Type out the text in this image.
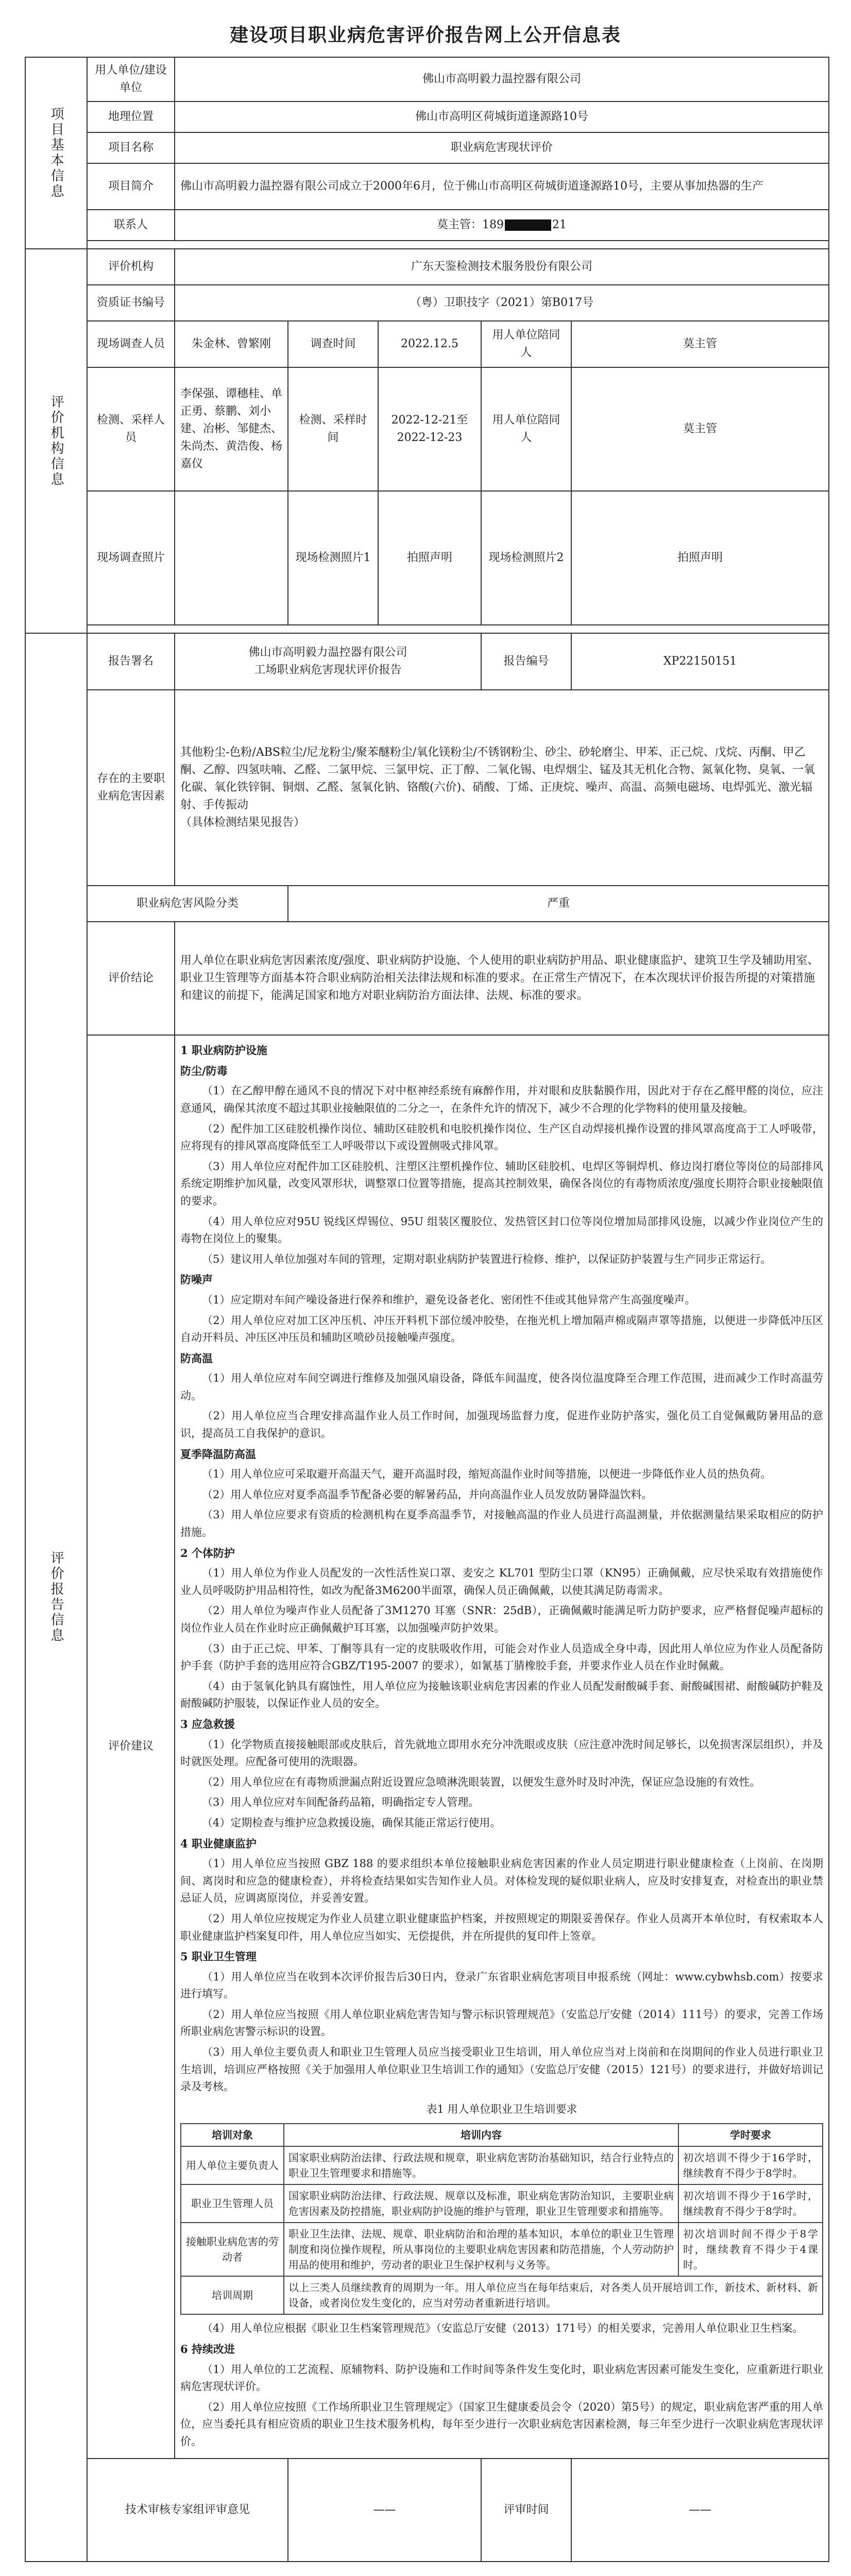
建设项目职业病危害评价报告网上公开信息表
项目基本信息
	用人单位/建设单位	佛山市高明毅力温控器有限公司
地理位置	佛山市高明区荷城街道逢源路10号
项目名称	职业病危害现状评价
项目简介	佛山市高明毅力温控器有限公司成立于2000年6月，位于佛山市高明区荷城街道逢源路10号，主要从事加热器的生产
联系人	莫主管：189	21

评价机构信息
	评价机构	广东天鉴检测技术服务股份有限公司
资质证书编号	（粤）卫职技字（2021）第B017号
现场调查人员	朱金林、曾繁刚	调查时间	2022.12.5	用人单位陪同人	莫主管
检测、采样人员	李保强、谭穗桂、单正勇、蔡鹏、刘小建、冶彬、邹健杰、朱尚杰、黄浩俊、杨嘉仪	检测、采样时间	2022-12-21至2022-12-23	用人单位陪同人	莫主管
现场调查照片		现场检测照片1	拍照声明	现场检测照片2	拍照声明

评价报告信息
	报告署名	
佛山市高明毅力温控器有限公司
工场职业病危害现状评价报告
	报告编号	XP22150151
存在的主要职业病危害因素	
其他粉尘-色粉/ABS粒尘/尼龙粉尘/聚苯醚粉尘/氧化镁粉尘/不锈钢粉尘、砂尘、砂轮磨尘、甲苯、正己烷、戊烷、丙酮、甲乙酮、乙醇、四氢呋喃、乙醛、二氯甲烷、三氯甲烷、正丁醇、二氧化锡、电焊烟尘、锰及其无机化合物、氮氧化物、臭氧、一氧化碳、氧化铁锌铜、铜烟、乙醛、氢氧化钠、铬酸(六价)、硝酸、丁烯、正庚烷、噪声、高温、高频电磁场、电焊弧光、激光辐射、手传振动
（具体检测结果见报告）

职业病危害风险分类	严重
评价结论	用人单位在职业病危害因素浓度/强度、职业病防护设施、个人使用的职业病防护用品、职业健康监护、建筑卫生学及辅助用室、职业卫生管理等方面基本符合职业病防治相关法律法规和标准的要求。在正常生产情况下，在本次现状评价报告所提的对策措施和建议的前提下，能满足国家和地方对职业病防治方面法律、法规、标准的要求。
评价建议	

1 职业病防护设施

防尘/防毒

（1）在乙醇甲醇在通风不良的情况下对中枢神经系统有麻醉作用，并对眼和皮肤黏膜作用，因此对于存在乙醛甲醛的岗位，应注意通风，确保其浓度不超过其职业接触限值的二分之一，在条件允许的情况下，减少不合理的化学物料的使用量及接触。

（2）配件加工区硅胶机操作岗位、辅助区硅胶机和电胶机操作岗位、生产区自动焊接机操作设置的排风罩高度高于工人呼吸带，应将现有的排风罩高度降低至工人呼吸带以下或设置侧吸式排风罩。

（3）用人单位应对配件加工区硅胶机、注塑区注塑机操作位、辅助区硅胶机、电焊区等铜焊机、修边岗打磨位等岗位的局部排风系统定期维护加风量，改变风罩形状，调整罩口位置等措施，提高其控制效果，确保各岗位的有毒物质浓度/强度长期符合职业接触限值的要求。

（4）用人单位应对95U 锐线区焊锡位、95U 组装区覆胶位、发热管区封口位等岗位增加局部排风设施，以减少作业岗位产生的毒物在岗位上的聚集。

（5）建议用人单位加强对车间的管理，定期对职业病防护装置进行检修、维护，以保证防护装置与生产同步正常运行。

防噪声

（1）应定期对车间产噪设备进行保养和维护，避免设备老化、密闭性不佳或其他异常产生高强度噪声。

（2）用人单位应对加工区冲压机、冲压开料机下部位缓冲胶垫，在拖光机上增加隔声棉或隔声罩等措施，以便进一步降低冲压区自动开料员、冲压区冲压员和辅助区喷砂员接触噪声强度。

防高温

（1）用人单位应对车间空调进行维修及加强风扇设备，降低车间温度，使各岗位温度降至合理工作范围，进而减少工作时高温劳动。

（2）用人单位应当合理安排高温作业人员工作时间，加强现场监督力度，促进作业防护落实，强化员工自觉佩戴防暑用品的意识，提高员工自我保护的意识。

夏季降温防高温

（1）用人单位应可采取避开高温天气，避开高温时段，缩短高温作业时间等措施，以便进一步降低作业人员的热负荷。

（2）用人单位应对夏季高温季节配备必要的解暑药品，并向高温作业人员发放防暑降温饮料。

（3）用人单位应要求有资质的检测机构在夏季高温季节，对接触高温的作业人员进行高温测量，并依据测量结果采取相应的防护措施。

2 个体防护

（1）用人单位为作业人员配发的一次性活性炭口罩、麦安之 KL701 型防尘口罩（KN95）正确佩戴，应尽快采取有效措施使作业人员呼吸防护用品相符性，如改为配备3M6200半面罩，确保人员正确佩戴，以使其满足防毒需求。

（2）用人单位为噪声作业人员配备了3M1270 耳塞（SNR：25dB），正确佩戴时能满足听力防护要求，应严格督促噪声超标的岗位作业人员在作业时应正确佩戴护耳耳塞，以加强噪声防护效果。

（3）由于正己烷、甲苯、丁酮等具有一定的皮肤吸收作用，可能会对作业人员造成全身中毒，因此用人单位应为作业人员配备防护手套（防护手套的选用应符合GBZ/T195-2007 的要求），如氰基丁腈橡胶手套，并要求作业人员在作业时佩戴。

（4）由于氢氧化钠具有腐蚀性，用人单位应为接触该职业病危害因素的作业人员配发耐酸碱手套、耐酸碱围裙、耐酸碱防护鞋及耐酸碱防护服装，以保证作业人员的安全。

3 应急救援

（1）化学物质直接接触眼部或皮肤后，首先就地立即用水充分冲洗眼或皮肤（应注意冲洗时间足够长，以免损害深层组织），并及时就医处理。应配备可使用的洗眼器。

（2）用人单位应在有毒物质泄漏点附近设置应急喷淋洗眼装置，以便发生意外时及时冲洗，保证应急设施的有效性。

（3）用人单位应对车间配备药品箱，明确指定专人管理。

（4）定期检查与维护应急救援设施，确保其能正常运行使用。

4 职业健康监护

（1）用人单位应当按照 GBZ 188 的要求组织本单位接触职业病危害因素的作业人员定期进行职业健康检查（上岗前、在岗期间、离岗时和应急的健康检查），并将检查结果如实告知作业人员。对体检发现的疑似职业病人，应及时安排复查，对检查出的职业禁忌证人员，应调离原岗位，并妥善安置。

（2）用人单位应按规定为作业人员建立职业健康监护档案，并按照规定的期限妥善保存。作业人员离开本单位时，有权索取本人职业健康监护档案复印件，用人单位应当如实、无偿提供，并在所提供的复印件上签章。

5 职业卫生管理

（1）用人单位应当在收到本次评价报告后30日内，登录广东省职业病危害项目申报系统（网址：www.cybwhsb.com）按要求进行填写。

（2）用人单位应当按照《用人单位职业病危害告知与警示标识管理规范》（安监总厅安健（2014）111号）的要求，完善工作场所职业病危害警示标识的设置。

（3）用人单位主要负责人和职业卫生管理人员应当接受职业卫生培训，用人单位应当对上岗前和在岗期间的作业人员进行职业卫生培训，培训应严格按照《关于加强用人单位职业卫生培训工作的通知》（安监总厅安健（2015）121号）的要求进行，并做好培训记录及考核。

表1 用人单位职业卫生培训要求

培训对象	培训内容	学时要求
用人单位主要负责人	国家职业病防治法律、行政法规和规章，职业病危害防治基础知识，结合行业特点的职业卫生管理要求和措施等。	初次培训不得少于16学时，继续教育不得少于8学时。
职业卫生管理人员	国家职业病防治法律、行政法规、规章以及标准，职业病危害防治知识，主要职业病危害因素及防控措施，职业病防护设施的维护与管理，职业卫生管理要求和措施等。	初次培训不得少于16学时，继续教育不得少于8学时。
接触职业病危害的劳动者	职业卫生法律、法规、规章、职业病防治和治理的基本知识，本单位的职业卫生管理制度和岗位操作规程，所从事岗位的主要职业病危害因素和防范措施，个人劳动防护用品的使用和维护，劳动者的职业卫生保护权利与义务等。	初次培训时间不得少于8学时，继续教育不得少于4课时。
培训周期	以上三类人员继续教育的周期为一年。用人单位应当在每年结束后，对各类人员开展培训工作，新技术、新材料、新设备，或者岗位发生变化的，应当对劳动者重新进行培训。

（4）用人单位应根据《职业卫生档案管理规范》（安监总厅安健（2013）171号）的相关要求，完善用人单位职业卫生档案。

6 持续改进

（1）用人单位的工艺流程、原辅物料、防护设施和工作时间等条件发生变化时，职业病危害因素可能发生变化，应重新进行职业病危害现状评价。

（2）用人单位应按照《工作场所职业卫生管理规定》（国家卫生健康委员会令（2020）第5号）的规定，职业病危害严重的用人单位，应当委托具有相应资质的职业卫生技术服务机构，每年至少进行一次职业病危害因素检测，每三年至少进行一次职业病危害现状评价。

技术审核专家组评审意见	——	评审时间	——
